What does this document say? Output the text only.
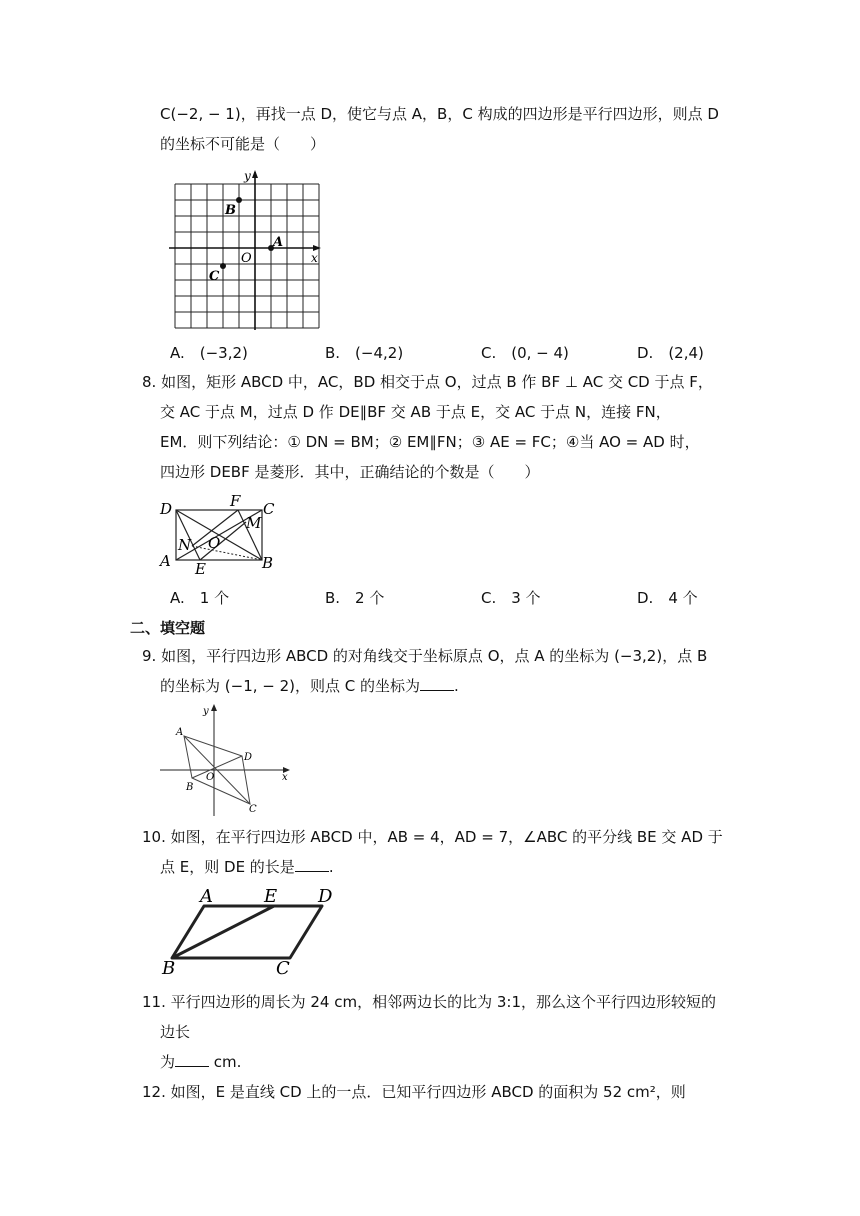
C(−2, − 1)，再找一点 D，使它与点 A，B，C 构成的四边形是平行四边形，则点 D
的坐标不可能是（　　）
y
x
O
B
A
C
A.　(−3,2)	B.　(−4,2)	C.　(0, − 4)	D.　(2,4)
8. 如图，矩形 ABCD 中，AC，BD 相交于点 O，过点 B 作 BF ⊥ AC 交 CD 于点 F，
交 AC 于点 M，过点 D 作 DE∥BF 交 AB 于点 E，交 AC 于点 N，连接 FN，
EM．则下列结论：① DN = BM；② EM∥FN；③ AE = FC；④当 AO = AD 时，
四边形 DEBF 是菱形．其中，正确结论的个数是（　　）
D	F C
M
N O
A E	B
A.　1 个	B.　2 个	C.　3 个	D.　4 个
二、填空题
9. 如图，平行四边形 ABCD 的对角线交于坐标原点 O，点 A 的坐标为 (−3,2)，点 B
的坐标为 (−1, − 2)，则点 C 的坐标为 .
y
x
A
B
C
D
O
10. 如图，在平行四边形 ABCD 中，AB = 4，AD = 7，∠ABC 的平分线 BE 交 AD 于
点 E，则 DE 的长是 .
A	E D
B	C
11. 平行四边形的周长为 24 cm，相邻两边长的比为 3:1，那么这个平行四边形较短的
边长
为 cm.
12. 如图，E 是直线 CD 上的一点．已知平行四边形 ABCD 的面积为 52 cm²，则
